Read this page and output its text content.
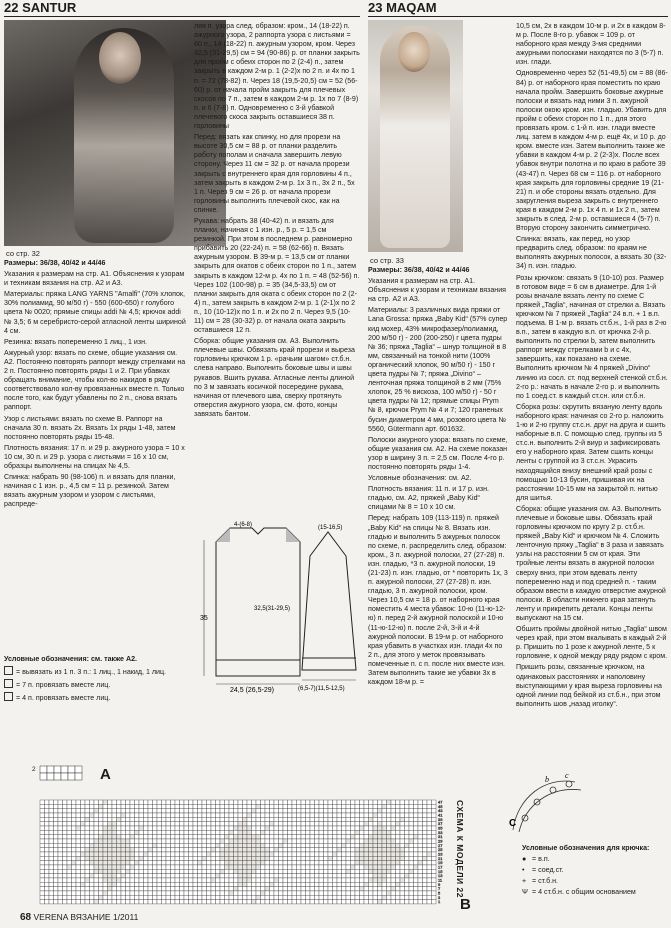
22 SANTUR	23 MAQAM
со стр. 32
со стр. 33

Размеры: 36/38, 40/42 и 44/46

Указания к размерам на стр. А1. Объяснения к узорам и техникам вязания на стр. А2 и А3.

Материалы: пряжа LANG YARNS "Amalfi" (70% хлопок, 30% полиамид, 90 м/50 г) - 550 (600-650) г голубого цвета № 0020; прямые спицы addi № 4,5; крючок addi № 3,5; 6 м серебристо-серой атласной ленты шириной 4 см.

Резинка: вязать попеременно 1 лиц., 1 изн.

Ажурный узор: вязать по схеме, общие указания см. А2. Постоянно повторять раппорт между стрелками на 2 п. Постоянно повторять ряды 1 и 2. При убавках обращать внимание, чтобы кол-во накидов в ряду соответствовало кол-ву провязанных вместе п. Только после того, как будут убавлены по 2 п., снова вязать раппорт.

Узор с листьями: вязать по схеме В. Раппорт на сначала 30 п. вязать 2х. Вязать 1х ряды 1-48, затем постоянно повторять ряды 15-48.

Плотность вязания: 17 п. и 29 р. ажурного узора = 10 х 10 см, 30 п. и 29 р. узора с листьями = 16 х 10 см, образцы выполнены на спицах № 4,5.

Спинка: набрать 90 (98-106) п. и вязать для планки, начиная с 1 изн. р., 4,5 см = 11 р. резинкой. Затем вязать ажурным узором и узором с листьями, распреде-

Условные обозначения: см. также А2.

= вывязать из 1 п. 3 п.: 1 лиц., 1 накид, 1 лиц.

= 7 п. провязать вместе лиц.

= 4 п. провязать вместе лиц.

ляя п. узора след. образом: кром., 14 (18-22) п. ажурного узора, 2 раппорта узора с листьями = 60 п., 14 (18-22) п. ажурным узором, кром. Через 32,5 (31-29,5) см = 94 (90-86) р. от планки закрыть для пройм с обеих сторон по 2 (2-4) п., затем закрыть в каждом 2-м р. 1 (2-2)х по 2 п. и 4х по 1 п. = 72 (78-82) п. Через 18 (19,5-20,5) см = 52 (56-60) р. от начала пройм закрыть для плечевых скосов по 7 п., затем в каждом 2-м р. 1х по 7 (8-9) п. и 6 (7-8) п. Одновременно с 3-й убавкой плечевого скоса закрыть оставшиеся 38 п. горловины

Перед: вязать как спинку, но для прорези на высоте 30,5 см = 88 р. от планки разделить работу пополам и сначала завершить левую сторону. Через 11 см = 32 р. от начала прорези закрыть с внутреннего края для горловины 4 п., затем закрыть в каждом 2-м р. 1х 3 п., 3х 2 п., 5х 1 п. Через 9 см = 26 р. от начала прорези горловины выполнить плечевой скос, как на спинке.

Рукава: набрать 38 (40-42) п. и вязать для планки, начиная с 1 изн. р., 5 р. = 1,5 см резинкой. При этом в последнем р. равномерно прибавить 20 (22-24) п. = 58 (62-66) п. Вязать ажурным узором. В 39-м р. = 13,5 см от планки закрыть для окатов с обеих сторон по 1 п., затем закрыть в каждом 12-м р. 4х по 1 п. = 48 (52-56) п. Через 102 (100-98) р. = 35 (34,5-33,5) см от планки закрыть для оката с обеих сторон по 2 (2-4) п., затем закрыть в каждом 2-м р. 1 (2-1)х по 2 п., 10 (10-12)х по 1 п. и 2х по 2 п. Через 9,5 (10-11) см = 28 (30-32) р. от начала оката закрыть оставшиеся 12 п.

Сборка: общие указания см. А3. Выполнить плечевые швы. Обвязать край прорези и выреза горловины крючком 1 р. «рачьим шагом» ст.б.н. слева направо. Выполнить боковые швы и швы рукавов. Вшить рукава. Атласные ленты длиной по 3 м завязать косичкой посередине рукава, начиная от плечевого шва, сверху протянуть отверстия ажурного узора, см. фото, концы завязать бантом.

24,5 (26,5-29)	(6,5-7)(11,5-12,5)
(15-16,5)
35
4-(6-8)
32,5(31-29,5)

Размеры: 36/38, 40/42 и 44/46

Указания к размерам на стр. А1. Объяснения к узорам и техникам вязания на стр. А2 и А3.

Материалы: 3 различных вида пряжи от Lana Grossa: пряжа „Baby Kid“ (57% супер кид мохер, 43% микрофазер/полиамид, 200 м/50 г) - 200 (200-250) г цвета пудры № 36; пряжа „Taglia“ – шнур толщиной в 8 мм, связанный на тонкой нити (100% органический хлопок, 90 м/50 г) - 150 г цвета пудры № 7; пряжа „Divino“ – ленточная пряжа толщиной в 2 мм (75% хлопок, 25 % вискоза, 100 м/50 г) - 50 г цвета пудры № 12; прямые спицы Prym № 8, крючок Prym № 4 и 7; 120 граненых бусин диаметром 4 мм, розового цвета № 5560, Gütermann арт. 601632.

Полоски ажурного узора: вязать по схеме, общие указания см. А2. На схеме показан узор в ширину 3 п. = 2,5 см. После 4-го р. постоянно повторять ряды 1-4.

Условные обозначения: см. А2.

Плотность вязания: 11 п. и 17 р. изн. гладью, см. А2, пряжей „Baby Kid“ спицами № 8 = 10 х 10 см.

Перед: набрать 109 (113-119) п. пряжей „Baby Kid“ на спицы № 8. Вязать изн. гладью и выполнить 5 ажурных полосок по схеме, п. распределить след. образом: кром., 3 п. ажурной полоски, 27 (27-28) п. изн. гладью, *3 п. ажурной полоски, 19 (21-23) п. изн. гладью, от * повторить 1х, 3 п. ажурной полоски, 27 (27-28) п. изн. гладью, 3 п. ажурной полоски, кром. Через 10,5 см = 18 р. от наборного края поместить 4 места убавок: 10-ю (11-ю-12-ю) п. перед 2-й ажурной полоской и 10-ю (11-ю-12-ю) п. после 2-й, 3-й и 4-й ажурной полоски. В 19-м р. от наборного края убавить в участках изн. глади 4х по 2 п., для этого у меток провязывать помеченные п. с п. после них вместе изн. Затем выполнить такие же убавки 3х в каждом 18-м р. =

10,5 см, 2х в каждом 10-м р. и 2х в каждом 8-м р. После 8-го р. убавок = 109 р. от наборного края между 3-мя средними ажурными полосками находятся по 3 (5-7) п. изн. глади.

Одновременно через 52 (51-49,5) см = 88 (86-84) р. от наборного края поместить по краю начала пройм. Завершить боковые ажурные полоски и вязать над ними 3 п. ажурной полоски окою кром. изн. гладью. Убавить для пройм с обеих сторон по 1 п., для этого провязать кром. с 1-й п. изн. глади вместе лиц. затем в каждом 4-м р. ещё 4х, и 10 р. до кром. вместе изн. Затем выполнить также же убавки в каждом 4-м р. 2 (2-3)х. После всех убавок внутри полотна и по краю в работе 39 (43-47) п. Через 68 см = 116 р. от наборного края закрыть для горловины средние 19 (21-21) п. и обе стороны вязать отдельно. Для закругления выреза закрыть с внутреннего края в каждом 2-м р. 1х 4 п. и 1х 2 п., затем закрыть в след. 2-м р. оставшиеся 4 (5-7) п. Вторую сторону закончить симметрично.

Спинка: вязать, как перед, но узор предварить след. образом: по краям не выполнять ажурных полосок, а вязать 30 (32-34) п. изн. гладью.

Розы крючком: связать 9 (10-10) роз. Размер в готовом виде = 6 см в диаметре. Для 1-й розы вначале вязать ленту по схеме С пряжей „Taglia“, начиная от стрелки а. Вязать крючком № 7 пряжей „Taglia“ 24 в.п. + 1 в.п. подъема. В 1-м р. вязать ст.б.н., 1-й раз в 2-ю в.п., затем в каждую в.п. от крючка 2-й р. выполнить по стрелки b, затем выполнить раппорт между стрелками b и с 4х, завершить, как показано на схеме. Выполнить крючком № 4 пряжей „Divino“ линию из сосл. ст. под верхней стенкой ст.б.н. 2-го р.: начать в начале 2-го р. и выполнить по 1 соед.ст. в каждый ст.сн. или ст.б.н.

Сборка розы: скрутить вязаную ленту вдоль наборного края: начиная со 2-го р. наложить 1-ю и 2-ю группу ст.с.н. друг на друга и сшить наборные в.п. С помощью след. группы из 5 ст.с.н. выполнить 2-й виур и зафиксировать его у наборного края. Затем сшить концы ленты с группой из 3 ст.с.н. Украсить находящийся внизу внешний край розы с помощью 10-13 бусин, пришивая их на расстоянии 10-15 мм на закрытой п. нитью для шитья.

Сборка: общие указания см. А3. Выполнить плечевые и боковые швы. Обвязать край горловины крючком по кругу 2 р. ст.б.н. пряжей „Baby Kid“ и крючком № 4. Сложить ленточную пряжу „Taglia“ в 3 раза и завязать узлы на расстоянии 5 см от края. Эти тройные ленты вязать в ажурной полоски сверху вниз, при этом вдевать ленту попеременно над и под средней п. - таким образом ввести в каждую отверстие ажурной полоски. В области нижнего края затянуть ленту и прикрепить детали. Концы ленты выпускают на 15 см.

Обшить проймы двойной нитью „Taglia“ швом через край, при этом вкалывать в каждый 2-й р. Пришить по 1 розе к ажурной ленте, 5 к горловине, к одной между ряду рядом с кром.

Пришить розы, связанные крючком, на одинаковых расстояниях и наполовину выступающими у края выреза горловины на одной линии под бейкой из ст.б.н., при этом выполнить шов „назад иголку“.

c
b
C

Условные обозначения для крючка:

● = в.п.

• = соед.ст.

+ = ст.б.н.

Ψ = 4 ст.б.н. с общим основанием

А
2
47
45
43
41
39
37
35
33
31
29
27
25
23
21
19
17
15
13
11
9
7
5
3
1
СХЕМА К МОДЕЛИ 22
В
68 VERENA ВЯЗАНИЕ 1/2011
